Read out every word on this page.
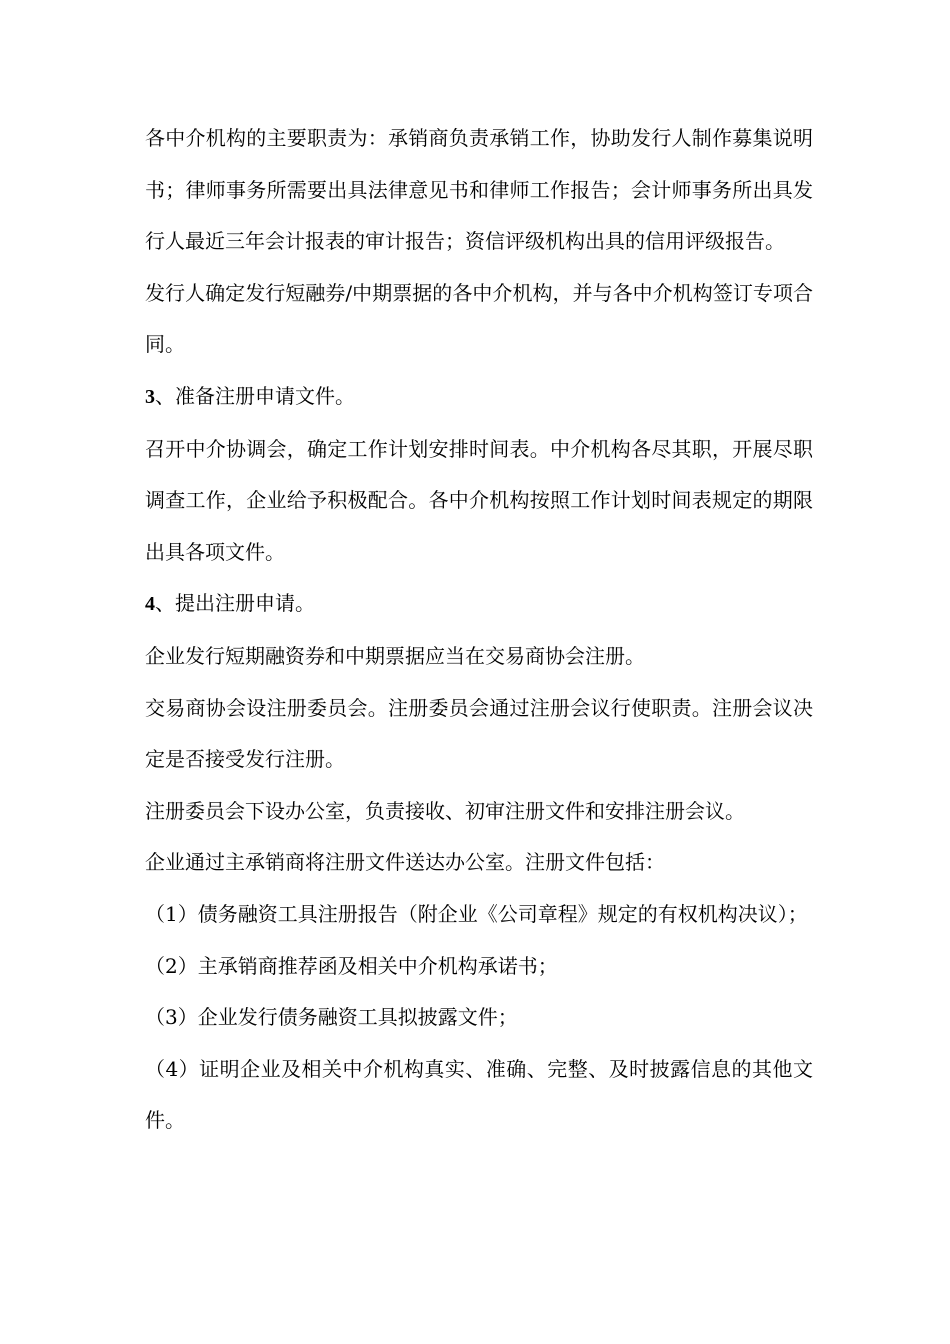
各中介机构的主要职责为：承销商负责承销工作，协助发行人制作募集说明书；律师事务所需要出具法律意见书和律师工作报告；会计师事务所出具发行人最近三年会计报表的审计报告；资信评级机构出具的信用评级报告。

发行人确定发行短融券/中期票据的各中介机构，并与各中介机构签订专项合同。

3、准备注册申请文件。

召开中介协调会，确定工作计划安排时间表。中介机构各尽其职，开展尽职调查工作，企业给予积极配合。各中介机构按照工作计划时间表规定的期限出具各项文件。

4、提出注册申请。

企业发行短期融资券和中期票据应当在交易商协会注册。

交易商协会设注册委员会。注册委员会通过注册会议行使职责。注册会议决定是否接受发行注册。

注册委员会下设办公室，负责接收、初审注册文件和安排注册会议。

企业通过主承销商将注册文件送达办公室。注册文件包括：

（1）债务融资工具注册报告（附企业《公司章程》规定的有权机构决议）；

（2）主承销商推荐函及相关中介机构承诺书；

（3）企业发行债务融资工具拟披露文件；

（4）证明企业及相关中介机构真实、准确、完整、及时披露信息的其他文件。
